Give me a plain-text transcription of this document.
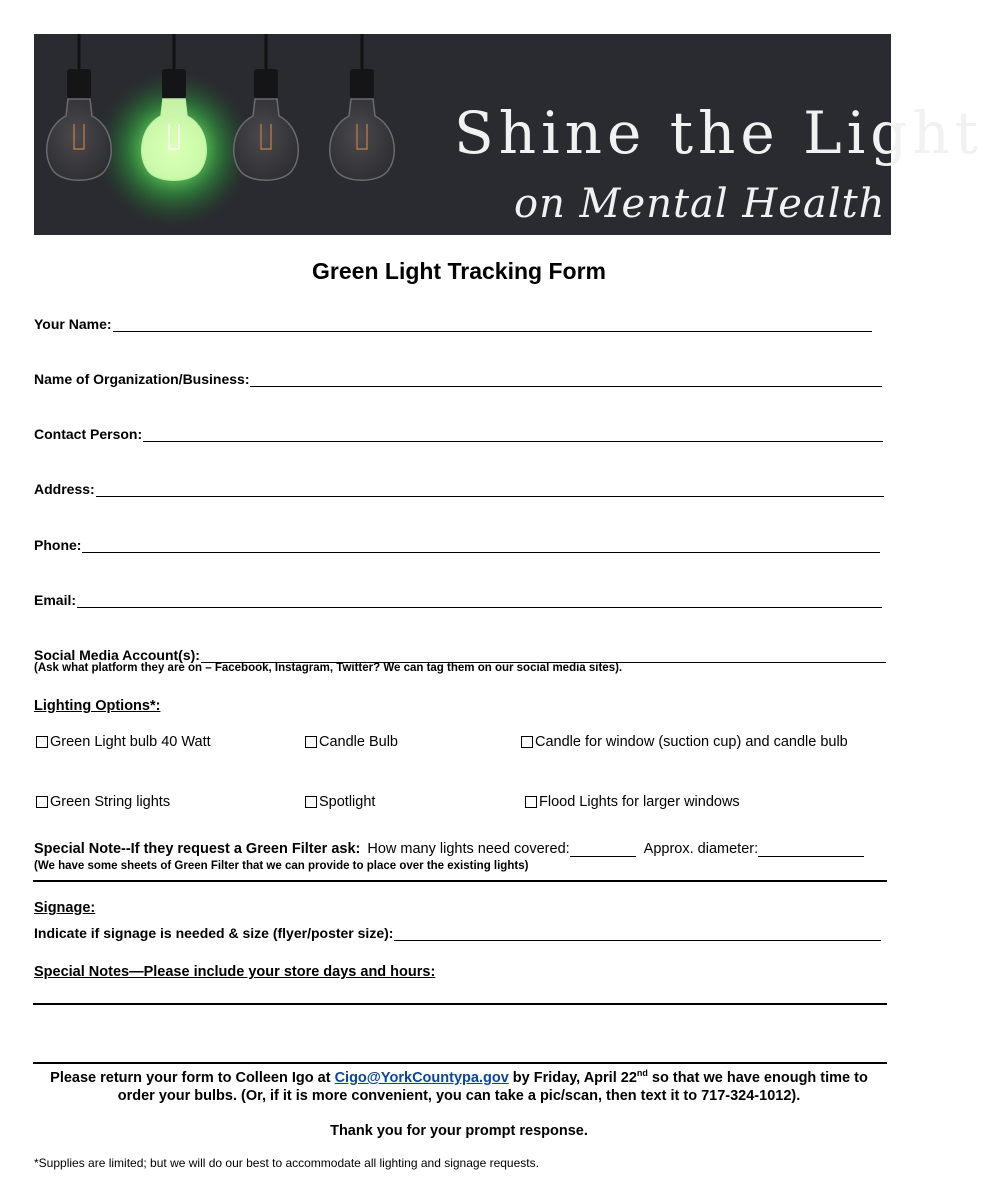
Shine the Light
on Mental Health
Green Light Tracking Form
Your Name:
Name of Organization/Business:
Contact Person:
Address:
Phone:
Email:
Social Media Account(s):
(Ask what platform they are on – Facebook, Instagram, Twitter? We can tag them on our social media sites).
Lighting Options*:
Green Light bulb 40 Watt	Candle Bulb	Candle for window (suction cup) and candle bulb
Green String lights	Spotlight	Flood Lights for larger windows
Special Note--If they request a Green Filter ask: How many lights need covered:	Approx. diameter:
(We have some sheets of Green Filter that we can provide to place over the existing lights)
Signage:
Indicate if signage is needed & size (flyer/poster size):
Special Notes—Please include your store days and hours:
Please return your form to Colleen Igo at Cigo@YorkCountypa.gov by Friday, April 22nd so that we have enough time to
order your bulbs. (Or, if it is more convenient, you can take a pic/scan, then text it to 717-324-1012).
Thank you for your prompt response.
*Supplies are limited; but we will do our best to accommodate all lighting and signage requests.
